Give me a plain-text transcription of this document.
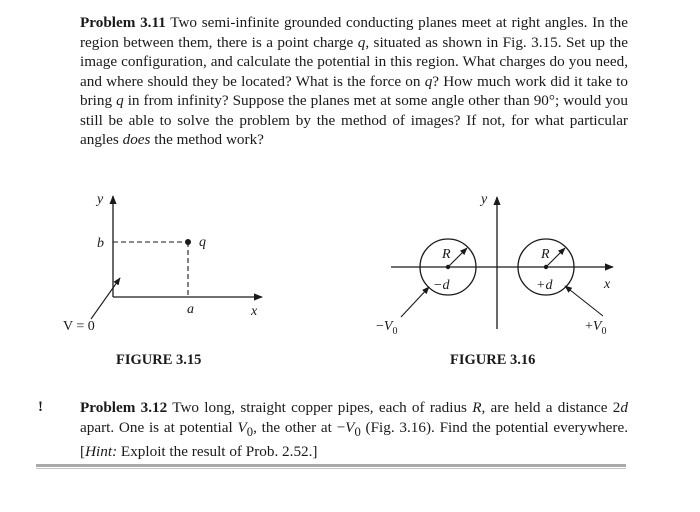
Problem 3.11 Two semi-infinite grounded conducting planes meet at right angles. In the region between them, there is a point charge q, situated as shown in Fig. 3.15. Set up the image configuration, and calculate the potential in this region. What charges do you need, and where should they be located? What is the force on q? How much work did it take to bring q in from infinity? Suppose the planes met at some angle other than 90°; would you still be able to solve the problem by the method of images? If not, for what particular angles does the method work?

y
b	q
a	x
V = 0
y
R
−d
R
+d	x
$-V_0$	$+V_0$
FIGURE 3.15	FIGURE 3.16
! Problem 3.12 Two long, straight copper pipes, each of radius R, are held a distance 2d apart. One is at potential $V_0$, the other at $-V_0$ (Fig. 3.16). Find the potential everywhere. [Hint: Exploit the result of Prob. 2.52.]
